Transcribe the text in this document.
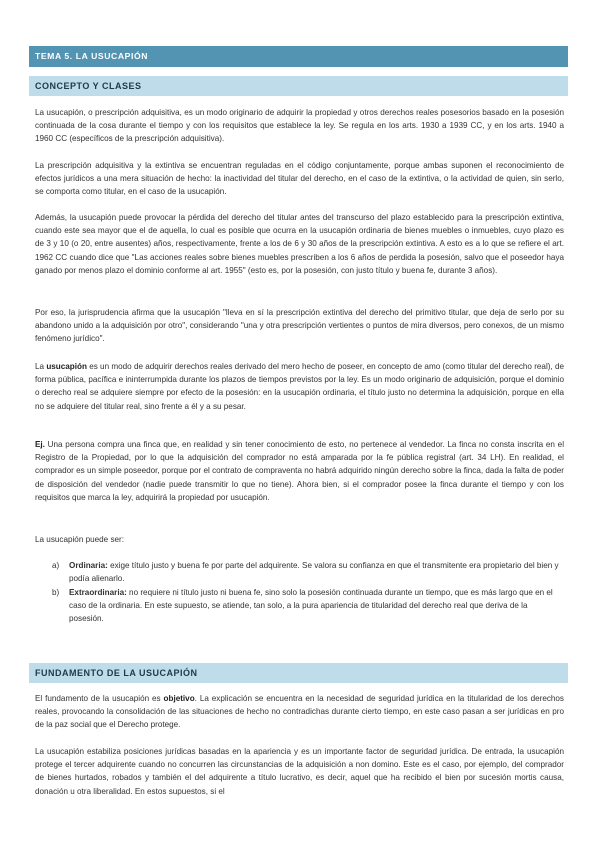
TEMA 5. LA USUCAPIÓN
CONCEPTO Y CLASES

La usucapión, o prescripción adquisitiva, es un modo originario de adquirir la propiedad y otros derechos reales posesorios basado en la posesión continuada de la cosa durante el tiempo y con los requisitos que establece la ley. Se regula en los arts. 1930 a 1939 CC, y en los arts. 1940 a 1960 CC (específicos de la prescripción adquisitiva).

La prescripción adquisitiva y la extintiva se encuentran reguladas en el código conjuntamente, porque ambas suponen el reconocimiento de efectos jurídicos a una mera situación de hecho: la inactividad del titular del derecho, en el caso de la extintiva, o la actividad de quien, sin serlo, se comporta como titular, en el caso de la usucapión.

Además, la usucapión puede provocar la pérdida del derecho del titular antes del transcurso del plazo establecido para la prescripción extintiva, cuando este sea mayor que el de aquella, lo cual es posible que ocurra en la usucapión ordinaria de bienes muebles o inmuebles, cuyo plazo es de 3 y 10 (o 20, entre ausentes) años, respectivamente, frente a los de 6 y 30 años de la prescripción extintiva. A esto es a lo que se refiere el art. 1962 CC cuando dice que "Las acciones reales sobre bienes muebles prescriben a los 6 años de perdida la posesión, salvo que el poseedor haya ganado por menos plazo el dominio conforme al art. 1955" (esto es, por la posesión, con justo título y buena fe, durante 3 años).

Por eso, la jurisprudencia afirma que la usucapión "lleva en sí la prescripción extintiva del derecho del primitivo titular, que deja de serlo por su abandono unido a la adquisición por otro", considerando "una y otra prescripción vertientes o puntos de mira diversos, pero conexos, de un mismo fenómeno jurídico".

La usucapión es un modo de adquirir derechos reales derivado del mero hecho de poseer, en concepto de amo (como titular del derecho real), de forma pública, pacífica e ininterrumpida durante los plazos de tiempos previstos por la ley. Es un modo originario de adquisición, porque el dominio o derecho real se adquiere siempre por efecto de la posesión: en la usucapión ordinaria, el título justo no determina la adquisición, porque en ella no se adquiere del titular real, sino frente a él y a su pesar.

Ej. Una persona compra una finca que, en realidad y sin tener conocimiento de esto, no pertenece al vendedor. La finca no consta inscrita en el Registro de la Propiedad, por lo que la adquisición del comprador no está amparada por la fe pública registral (art. 34 LH). En realidad, el comprador es un simple poseedor, porque por el contrato de compraventa no habrá adquirido ningún derecho sobre la finca, dada la falta de poder de disposición del vendedor (nadie puede transmitir lo que no tiene). Ahora bien, si el comprador posee la finca durante el tiempo y con los requisitos que marca la ley, adquirirá la propiedad por usucapión.

La usucapión puede ser:

a)	Ordinaria: exige título justo y buena fe por parte del adquirente. Se valora su confianza en que el transmitente era propietario del bien y podía alienarlo.
b)	Extraordinaria: no requiere ni título justo ni buena fe, sino solo la posesión continuada durante un tiempo, que es más largo que en el caso de la ordinaria. En este supuesto, se atiende, tan solo, a la pura apariencia de titularidad del derecho real que deriva de la posesión.
FUNDAMENTO DE LA USUCAPIÓN

El fundamento de la usucapión es objetivo. La explicación se encuentra en la necesidad de seguridad jurídica en la titularidad de los derechos reales, provocando la consolidación de las situaciones de hecho no contradichas durante cierto tiempo, en este caso pasan a ser jurídicas en pro de la paz social que el Derecho protege.

La usucapión estabiliza posiciones jurídicas basadas en la apariencia y es un importante factor de seguridad jurídica. De entrada, la usucapión protege el tercer adquirente cuando no concurren las circunstancias de la adquisición a non domino. Este es el caso, por ejemplo, del comprador de bienes hurtados, robados y también el del adquirente a título lucrativo, es decir, aquel que ha recibido el bien por sucesión mortis causa, donación u otra liberalidad. En estos supuestos, si el
